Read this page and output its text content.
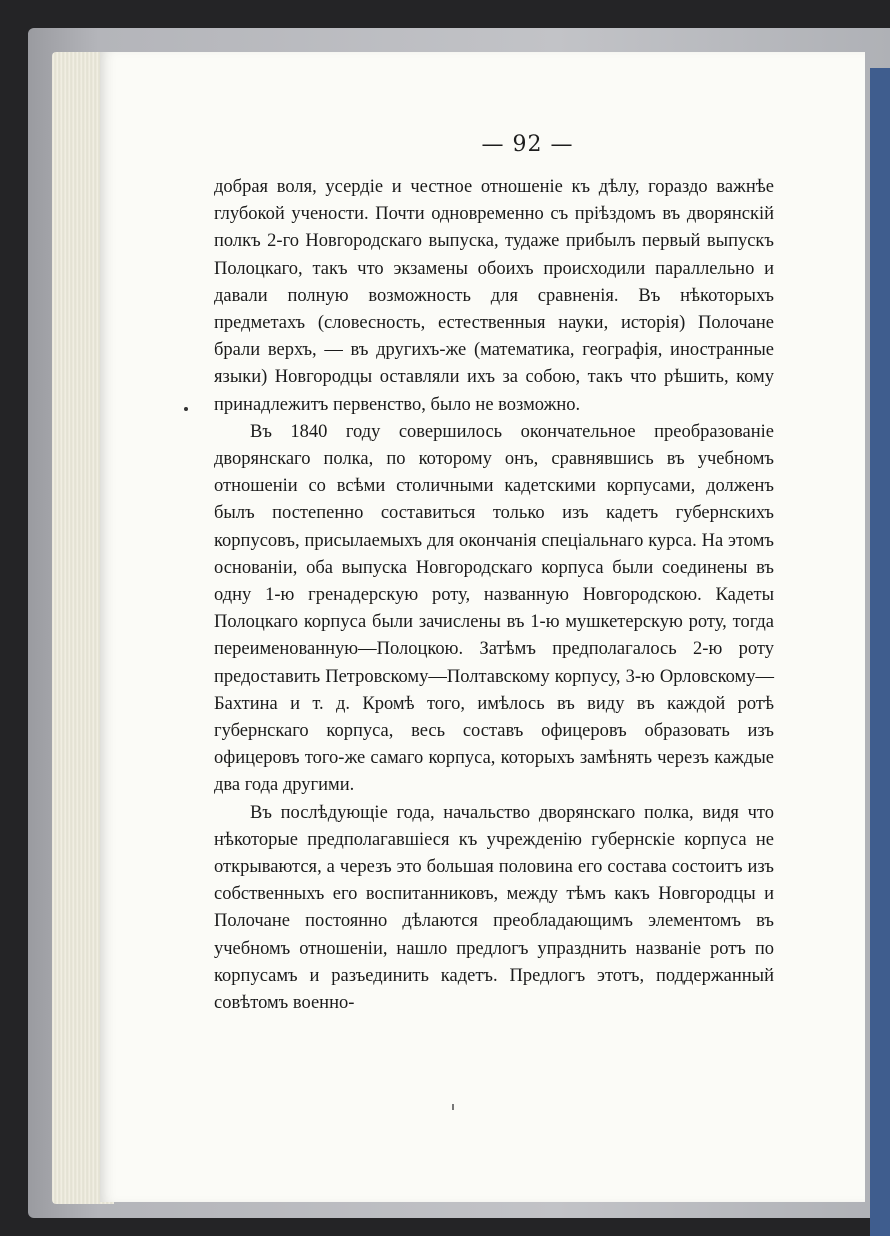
— 92 —

добрая воля, усердіе и честное отношеніе къ дѣлу, гораздо важнѣе глубокой учености. Почти одновременно съ пріѣздомъ въ дворянскій полкъ 2-го Новгородскаго выпуска, тудаже прибылъ первый выпускъ Полоцкаго, такъ что экзамены обоихъ происходили параллельно и давали полную возможность для сравненія. Въ нѣкоторыхъ предметахъ (словесность, естественныя науки, исторія) Полочане брали верхъ, — въ другихъ-же (математика, географія, иностранные языки) Новгородцы оставляли ихъ за собою, такъ что рѣшить, кому принадлежитъ первенство, было не возможно.

Въ 1840 году совершилось окончательное преобразованіе дворянскаго полка, по которому онъ, сравнявшись въ учебномъ отношеніи со всѣми столичными кадетскими корпусами, долженъ былъ постепенно составиться только изъ кадетъ губернскихъ корпусовъ, присылаемыхъ для окончанія спеціальнаго курса. На этомъ основаніи, оба выпуска Новгородскаго корпуса были соединены въ одну 1-ю гренадерскую роту, названную Новгородскою. Кадеты Полоцкаго корпуса были зачислены въ 1-ю мушкетерскую роту, тогда переименованную—Полоцкою. Затѣмъ предполагалось 2-ю роту предоставить Петровскому—Полтавскому корпусу, 3-ю Орловскому—Бахтина и т. д. Кромѣ того, имѣлось въ виду въ каждой ротѣ губернскаго корпуса, весь составъ офицеровъ образовать изъ офицеровъ того-же самаго корпуса, которыхъ замѣнять черезъ каждые два года другими.

Въ послѣдующіе года, начальство дворянскаго полка, видя что нѣкоторые предполагавшіеся къ учрежденію губернскіе корпуса не открываются, а черезъ это большая половина его состава состоитъ изъ собственныхъ его воспитанниковъ, между тѣмъ какъ Новгородцы и Полочане постоянно дѣлаются преобладающимъ элементомъ въ учебномъ отношеніи, нашло предлогъ упразднить названіе ротъ по корпусамъ и разъединить кадетъ. Предлогъ этотъ, поддержанный совѣтомъ военно-
